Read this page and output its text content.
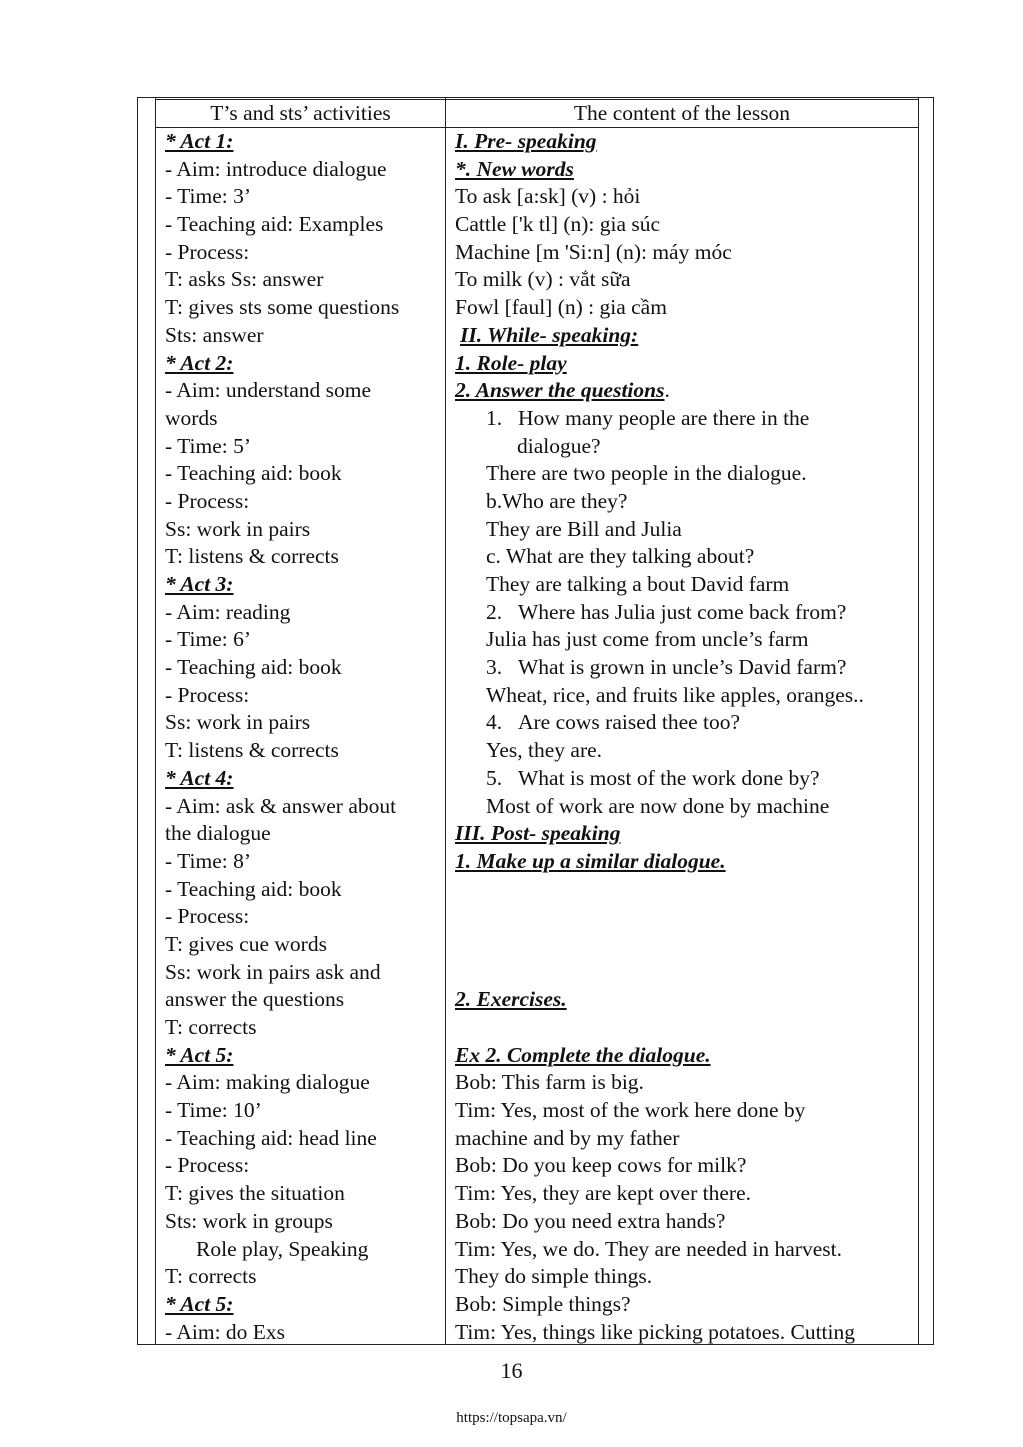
T’s and sts’ activities	The content of the lesson
* Act 1:
- Aim: introduce dialogue
- Time: 3’
- Teaching aid: Examples
- Process:
T: asks Ss: answer
T: gives sts some questions
Sts: answer
* Act 2:
- Aim: understand some
words
- Time: 5’
- Teaching aid: book
- Process:
Ss: work in pairs
T: listens & corrects
* Act 3:
- Aim: reading
- Time: 6’
- Teaching aid: book
- Process:
Ss: work in pairs
T: listens & corrects
* Act 4:
- Aim: ask & answer about
the dialogue
- Time: 8’
- Teaching aid: book
- Process:
T: gives cue words
Ss: work in pairs ask and
answer the questions
T: corrects
* Act 5:
- Aim: making dialogue
- Time: 10’
- Teaching aid: head line
- Process:
T: gives the situation
Sts: work in groups
Role play, Speaking
T: corrects
* Act 5:
- Aim: do Exs
I. Pre- speaking
*. New words
To ask [a:sk] (v) : hỏi
Cattle ['k tl] (n): gia súc
Machine [m 'Si:n] (n): máy móc
To milk (v) : vắt sữa
Fowl [faul] (n) : gia cầm
II. While- speaking:
1. Role- play
2. Answer the questions.
1. How many people are there in the
dialogue?
There are two people in the dialogue.
b.Who are they?
They are Bill and Julia
c. What are they talking about?
They are talking a bout David farm
2. Where has Julia just come back from?
Julia has just come from uncle’s farm
3. What is grown in uncle’s David farm?
Wheat, rice, and fruits like apples, oranges..
4. Are cows raised thee too?
Yes, they are.
5. What is most of the work done by?
Most of work are now done by machine
III. Post- speaking
1. Make up a similar dialogue.
2. Exercises.
Ex 2. Complete the dialogue.
Bob: This farm is big.
Tim: Yes, most of the work here done by
machine and by my father
Bob: Do you keep cows for milk?
Tim: Yes, they are kept over there.
Bob: Do you need extra hands?
Tim: Yes, we do. They are needed in harvest.
They do simple things.
Bob: Simple things?
Tim: Yes, things like picking potatoes. Cutting
16
https://topsapa.vn/
